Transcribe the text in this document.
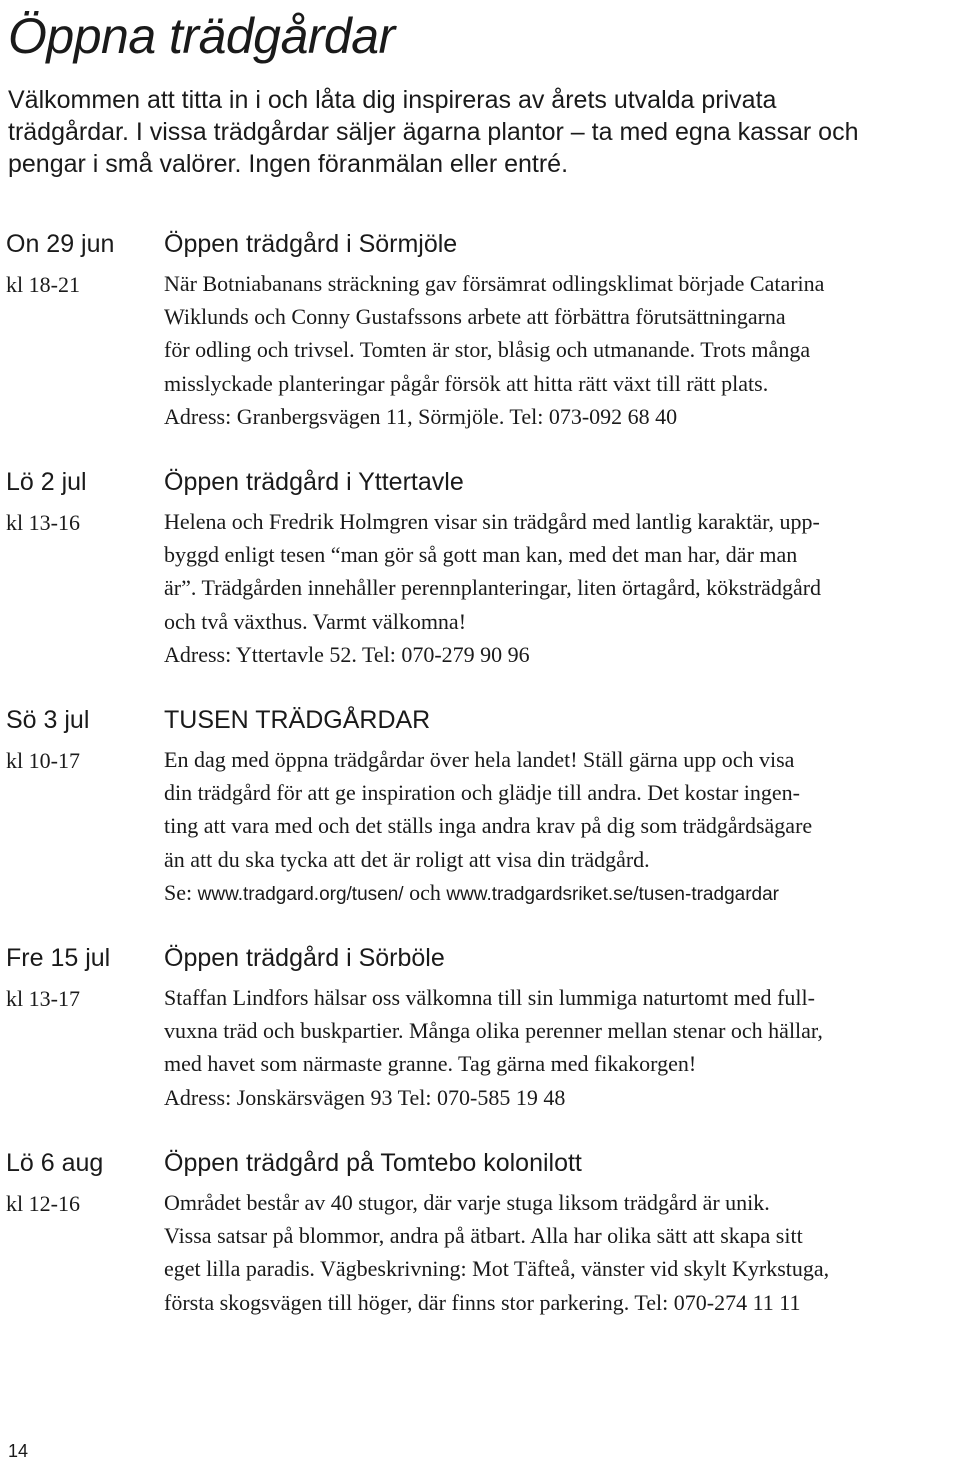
Öppna trädgårdar

Välkommen att titta in i och låta dig inspireras av årets utvalda privata
trädgårdar. I vissa trädgårdar säljer ägarna plantor – ta med egna kassar och
pengar i små valörer. Ingen föranmälan eller entré.

On 29 jun
kl 18-21
Öppen trädgård i Sörmjöle

När Botniabanans sträckning gav försämrat odlingsklimat började Catarina
Wiklunds och Conny Gustafssons arbete att förbättra förutsättningarna
för odling och trivsel. Tomten är stor, blåsig och utmanande. Trots många
misslyckade planteringar pågår försök att hitta rätt växt till rätt plats.
Adress: Granbergsvägen 11, Sörmjöle. Tel: 073-092 68 40

Lö 2 jul
kl 13-16
Öppen trädgård i Yttertavle

Helena och Fredrik Holmgren visar sin trädgård med lantlig karaktär, upp-
byggd enligt tesen “man gör så gott man kan, med det man har, där man
är”. Trädgården innehåller perennplanteringar, liten örtagård, köksträdgård
och två växthus. Varmt välkomna!
Adress: Yttertavle 52. Tel: 070-279 90 96

Sö 3 jul
kl 10-17
TUSEN TRÄDGÅRDAR

En dag med öppna trädgårdar över hela landet! Ställ gärna upp och visa
din trädgård för att ge inspiration och glädje till andra. Det kostar ingen-
ting att vara med och det ställs inga andra krav på dig som trädgårdsägare
än att du ska tycka att det är roligt att visa din trädgård.
Se: www.tradgard.org/tusen/ och www.tradgardsriket.se/tusen-tradgardar

Fre 15 jul
kl 13-17
Öppen trädgård i Sörböle

Staffan Lindfors hälsar oss välkomna till sin lummiga naturtomt med full-
vuxna träd och buskpartier. Många olika perenner mellan stenar och hällar,
med havet som närmaste granne. Tag gärna med fikakorgen!
Adress: Jonskärsvägen 93 Tel: 070-585 19 48

Lö 6 aug
kl 12-16
Öppen trädgård på Tomtebo kolonilott

Området består av 40 stugor, där varje stuga liksom trädgård är unik.
Vissa satsar på blommor, andra på ätbart. Alla har olika sätt att skapa sitt
eget lilla paradis. Vägbeskrivning: Mot Täfteå, vänster vid skylt Kyrkstuga,
första skogsvägen till höger, där finns stor parkering. Tel: 070-274 11 11

14
